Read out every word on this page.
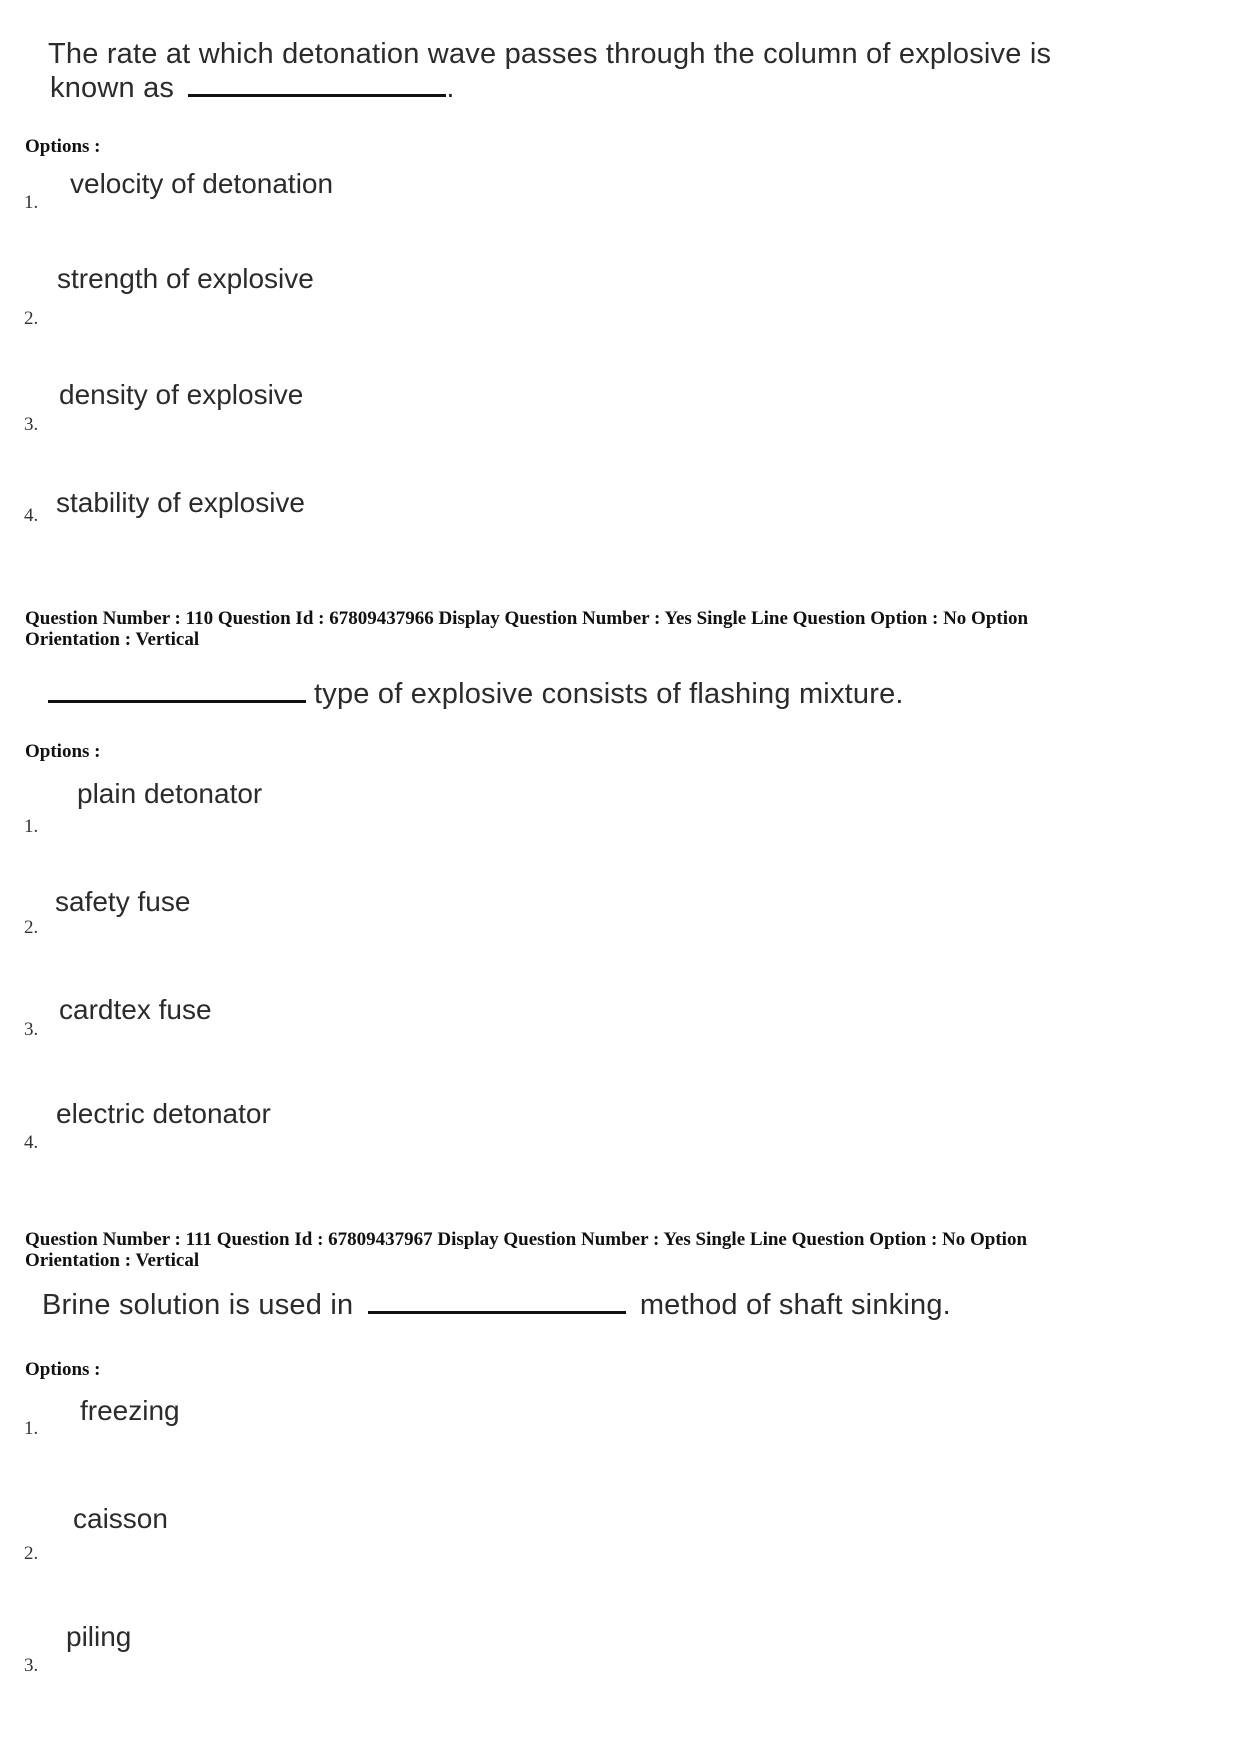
The rate at which detonation wave passes through the column of explosive is
known as	.
Options :
1.
velocity of detonation
2.
strength of explosive
3.
density of explosive
4. stability of explosive
Question Number : 110 Question Id : 67809437966 Display Question Number : Yes Single Line Question Option : No Option
Orientation : Vertical
type of explosive consists of flashing mixture.
Options :
1.
plain detonator
2.
safety fuse
3.
cardtex fuse
4.
electric detonator
Question Number : 111 Question Id : 67809437967 Display Question Number : Yes Single Line Question Option : No Option
Orientation : Vertical
Brine solution is used in	method of shaft sinking.
Options :
1.
freezing
2.
caisson
3.
piling
